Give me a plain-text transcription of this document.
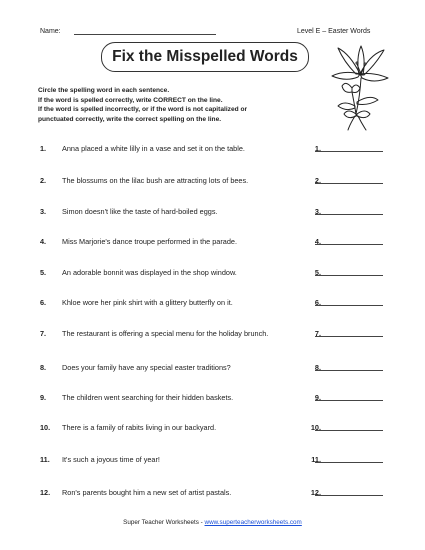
Name:	Level E – Easter Words
Fix the Misspelled Words
Circle the spelling word in each sentence.
If the word is spelled correctly, write CORRECT on the line.
If the word is spelled incorrectly, or if the word is not capitalized or
punctuated correctly, write the correct spelling on the line.
1. Anna placed a white lilly in a vase and set it on the table.	1.
2. The blossums on the lilac bush are attracting lots of bees.	2.
3. Simon doesn't like the taste of hard-boiled eggs.	3.
4. Miss Marjorie's dance troupe performed in the parade.	4.
5. An adorable bonnit was displayed in the shop window.	5.
6. Khloe wore her pink shirt with a glittery butterfly on it.	6.
7. The restaurant is offering a special menu for the holiday brunch.	7.
8. Does your family have any special easter traditions?	8.
9. The children went searching for their hidden baskets.	9.
10. There is a family of rabits living in our backyard.	10.
11. It's such a joyous time of year!	11.
12. Ron's parents bought him a new set of artist pastals.	12.
Super Teacher Worksheets - www.superteacherworksheets.com
